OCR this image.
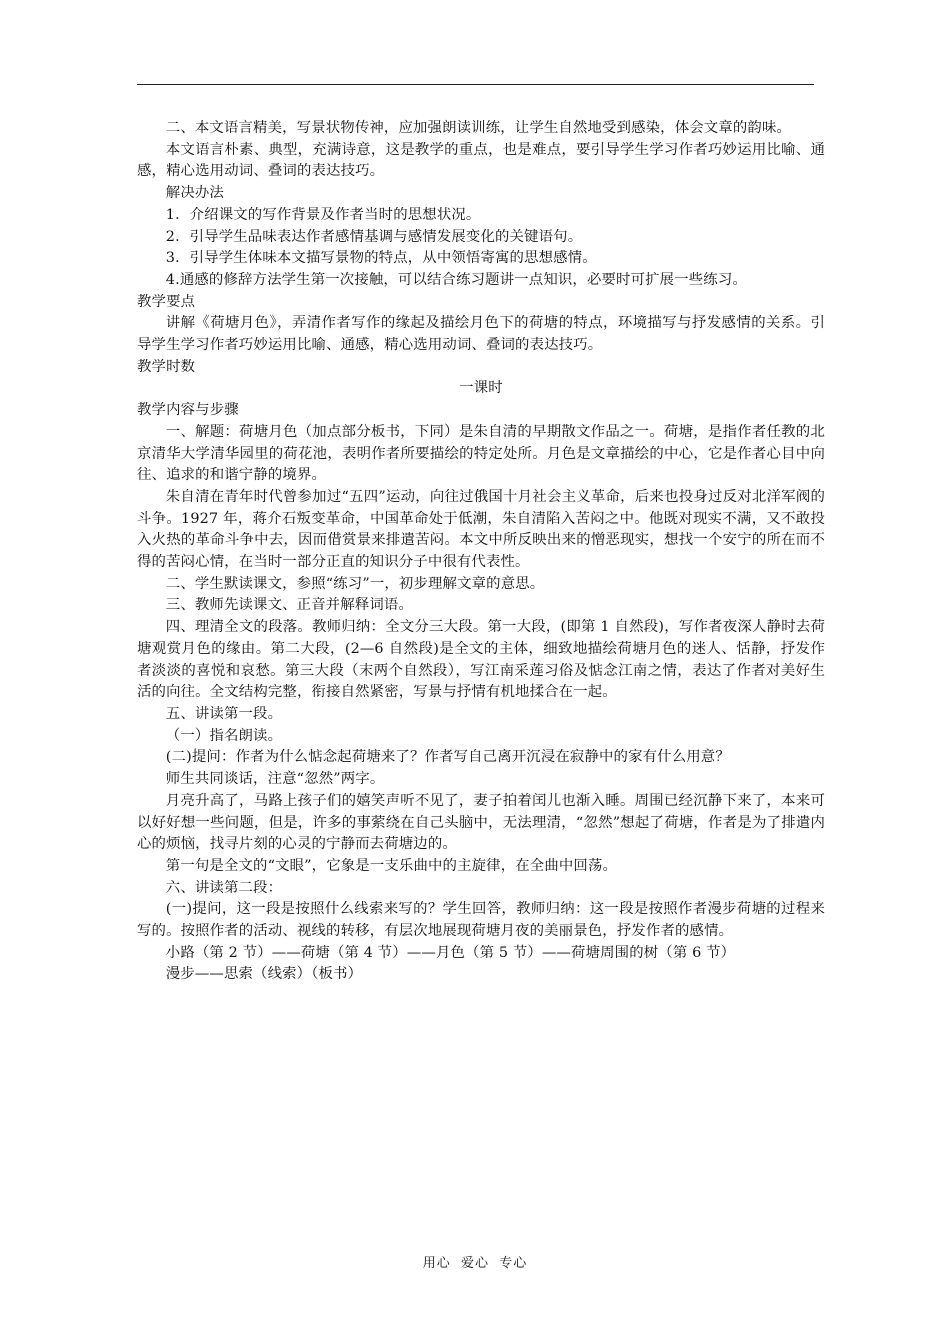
二、本文语言精美，写景状物传神，应加强朗读训练，让学生自然地受到感染，体会文章的韵味。

本文语言朴素、典型，充满诗意，这是教学的重点，也是难点，要引导学生学习作者巧妙运用比喻、通感，精心选用动词、叠词的表达技巧。

解决办法

1．介绍课文的写作背景及作者当时的思想状况。

2．引导学生品味表达作者感情基调与感情发展变化的关键语句。

3．引导学生体味本文描写景物的特点，从中领悟寄寓的思想感情。

4.通感的修辞方法学生第一次接触，可以结合练习题讲一点知识，必要时可扩展一些练习。

教学要点

讲解《荷塘月色》，弄清作者写作的缘起及描绘月色下的荷塘的特点，环境描写与抒发感情的关系。引导学生学习作者巧妙运用比喻、通感，精心选用动词、叠词的表达技巧。

教学时数

一课时

教学内容与步骤

一、解题：荷塘月色（加点部分板书，下同）是朱自清的早期散文作品之一。荷塘，是指作者任教的北京清华大学清华园里的荷花池，表明作者所要描绘的特定处所。月色是文章描绘的中心，它是作者心目中向往、追求的和谐宁静的境界。

朱自清在青年时代曾参加过“五四”运动，向往过俄国十月社会主义革命，后来也投身过反对北洋军阀的斗争。1927 年，蒋介石叛变革命，中国革命处于低潮，朱自清陷入苦闷之中。他既对现实不满，又不敢投入火热的革命斗争中去，因而借赏景来排遣苦闷。本文中所反映出来的憎恶现实，想找一个安宁的所在而不得的苦闷心情，在当时一部分正直的知识分子中很有代表性。

二、学生默读课文，参照“练习”一，初步理解文章的意思。

三、教师先读课文、正音并解释词语。

四、理清全文的段落。教师归纳：全文分三大段。第一大段，(即第 1 自然段)，写作者夜深人静时去荷塘观赏月色的缘由。第二大段，(2—6 自然段)是全文的主体，细致地描绘荷塘月色的迷人、恬静，抒发作者淡淡的喜悦和哀愁。第三大段（末两个自然段），写江南采莲习俗及惦念江南之情，表达了作者对美好生活的向往。全文结构完整，衔接自然紧密，写景与抒情有机地揉合在一起。

五、讲读第一段。

（一）指名朗读。

(二)提问：作者为什么惦念起荷塘来了？作者写自己离开沉浸在寂静中的家有什么用意？

师生共同谈话，注意“忽然”两字。

月亮升高了，马路上孩子们的嬉笑声听不见了，妻子拍着闰儿也渐入睡。周围已经沉静下来了，本来可以好好想一些问题，但是，许多的事萦绕在自己头脑中，无法理清，“忽然”想起了荷塘，作者是为了排遣内心的烦恼，找寻片刻的心灵的宁静而去荷塘边的。

第一句是全文的“文眼”，它象是一支乐曲中的主旋律，在全曲中回荡。

六、讲读第二段：

(一)提问，这一段是按照什么线索来写的？学生回答，教师归纳：这一段是按照作者漫步荷塘的过程来写的。按照作者的活动、视线的转移，有层次地展现荷塘月夜的美丽景色，抒发作者的感情。

小路（第 2 节）——荷塘（第 4 节）——月色（第 5 节）——荷塘周围的树（第 6 节）

漫步——思索（线索）（板书）

用心  爱心  专心
